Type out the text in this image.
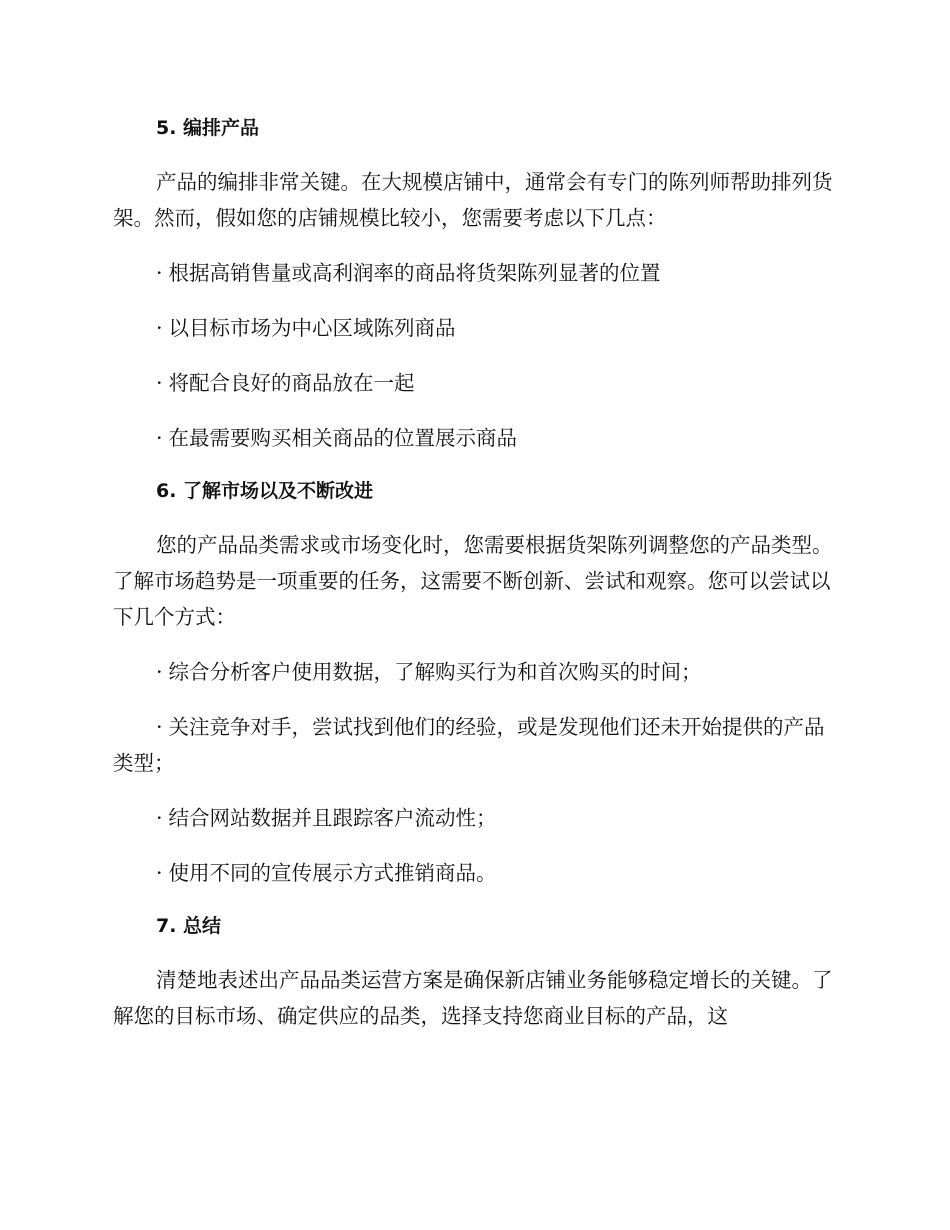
5. 编排产品

产品的编排非常关键。在大规模店铺中，通常会有专门的陈列师帮助排列货架。然而，假如您的店铺规模比较小，您需要考虑以下几点：

· 根据高销售量或高利润率的商品将货架陈列显著的位置

· 以目标市场为中心区域陈列商品

· 将配合良好的商品放在一起

· 在最需要购买相关商品的位置展示商品

6. 了解市场以及不断改进

您的产品品类需求或市场变化时，您需要根据货架陈列调整您的产品类型。了解市场趋势是一项重要的任务，这需要不断创新、尝试和观察。您可以尝试以下几个方式：

· 综合分析客户使用数据，了解购买行为和首次购买的时间；

· 关注竞争对手，尝试找到他们的经验，或是发现他们还未开始提供的产品类型；

· 结合网站数据并且跟踪客户流动性；

· 使用不同的宣传展示方式推销商品。

7. 总结

清楚地表述出产品品类运营方案是确保新店铺业务能够稳定增长的关键。了解您的目标市场、确定供应的品类，选择支持您商业目标的产品，这
